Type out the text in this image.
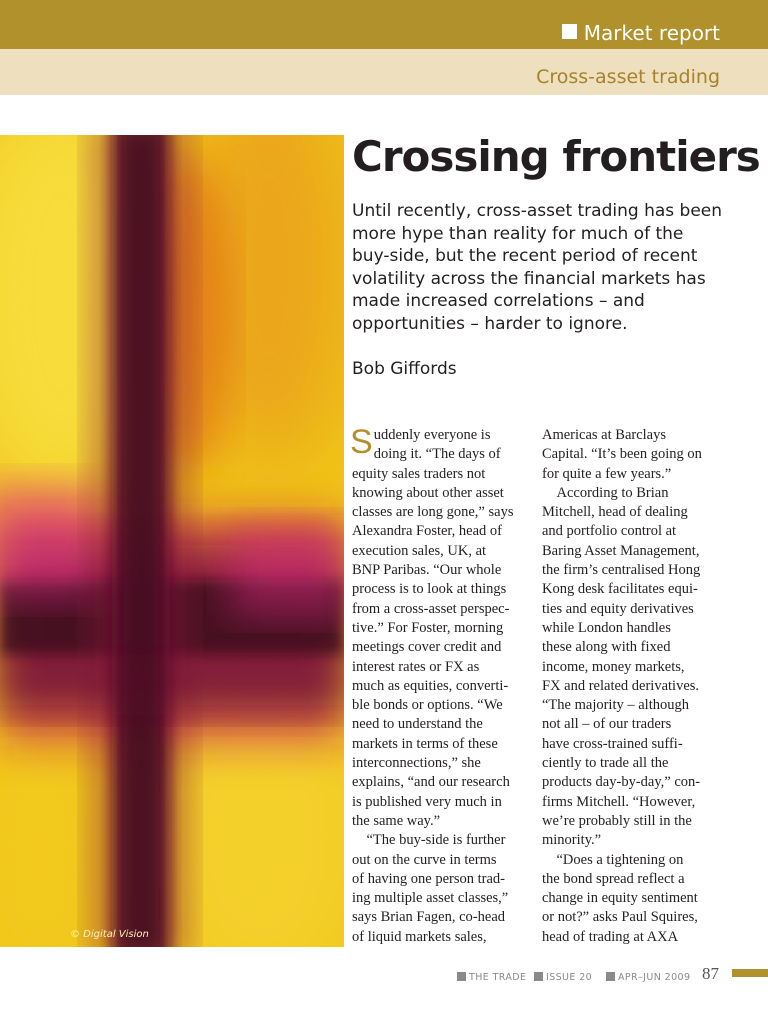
Market report
Cross-asset trading
© Digital Vision
Crossing frontiers

Until recently, cross-asset trading has been more hype than reality for much of the buy-side, but the recent period of recent volatility across the financial markets has made increased correlations – and opportunities – harder to ignore.

Bob Giffords
S uddenly everyone is
doing it. “The days of
equity sales traders not
knowing about other asset
classes are long gone,” says
Alexandra Foster, head of
execution sales, UK, at
BNP Paribas. “Our whole
process is to look at things
from a cross-asset perspec-
tive.” For Foster, morning
meetings cover credit and
interest rates or FX as
much as equities, converti-
ble bonds or options. “We
need to understand the
markets in terms of these
interconnections,” she
explains, “and our research
is published very much in
the same way.”
“The buy-side is further
out on the curve in terms
of having one person trad-
ing multiple asset classes,”
says Brian Fagen, co-head
of liquid markets sales,
Americas at Barclays
Capital. “It’s been going on
for quite a few years.”
According to Brian
Mitchell, head of dealing
and portfolio control at
Baring Asset Management,
the firm’s centralised Hong
Kong desk facilitates equi-
ties and equity derivatives
while London handles
these along with fixed
income, money markets,
FX and related derivatives.
“The majority – although
not all – of our traders
have cross-trained suffi-
ciently to trade all the
products day-by-day,” con-
firms Mitchell. “However,
we’re probably still in the
minority.”
“Does a tightening on
the bond spread reflect a
change in equity sentiment
or not?” asks Paul Squires,
head of trading at AXA
THE TRADE	ISSUE 20	APR–JUN 2009 87
